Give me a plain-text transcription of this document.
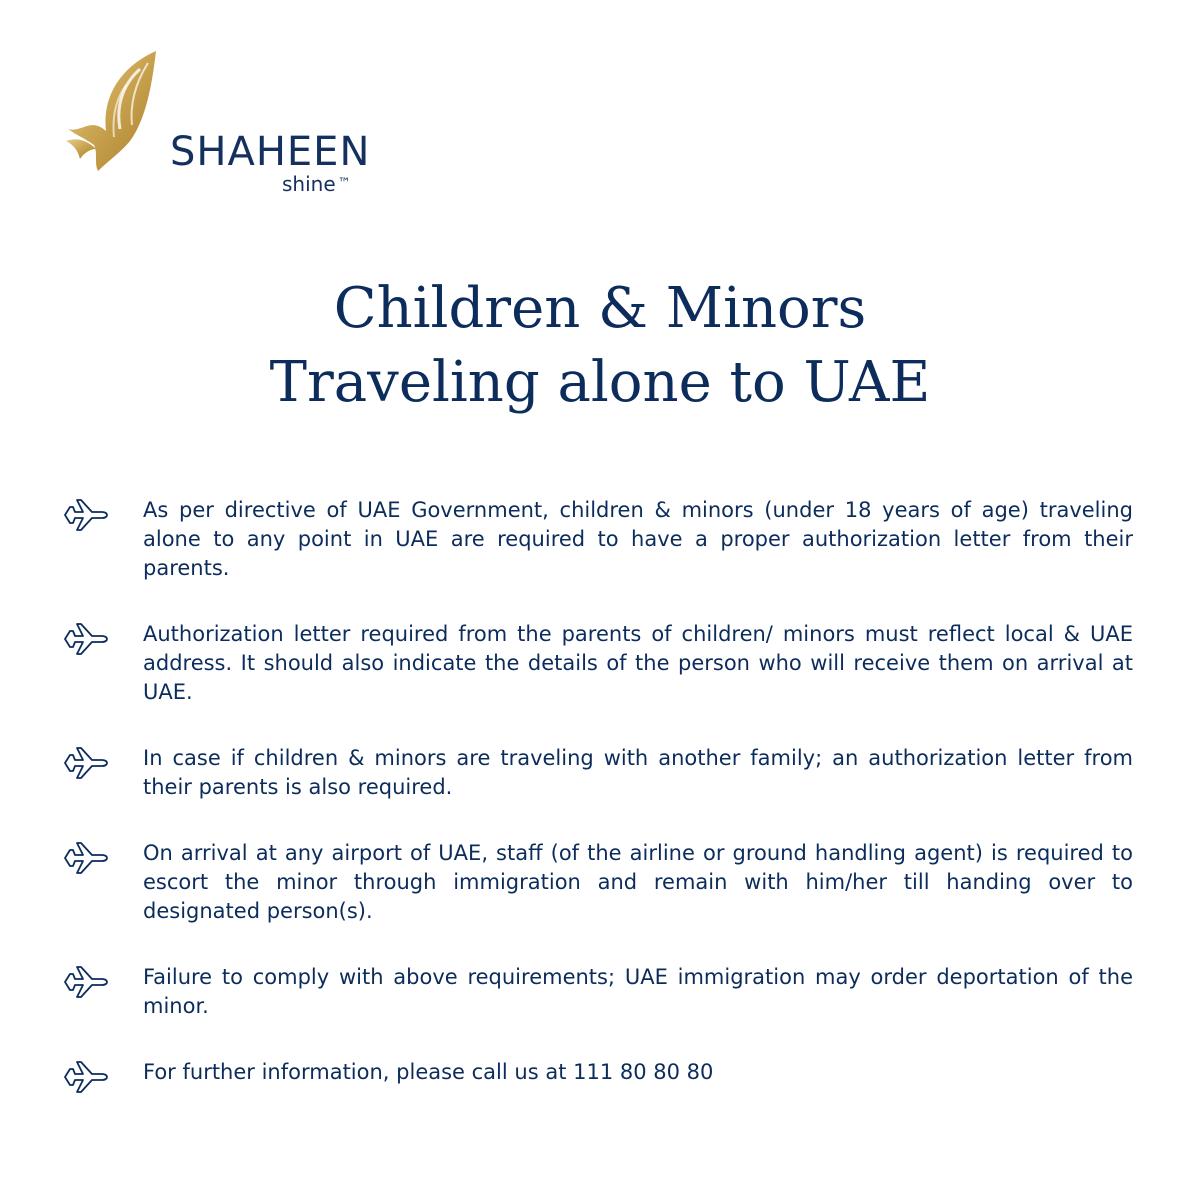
SHAHEEN
shine ™
Children & Minors
Traveling alone to UAE

As per directive of UAE Government, children & minors (under 18 years of age) traveling alone to any point in UAE are required to have a proper authorization letter from their parents.

Authorization letter required from the parents of children/ minors must reflect local & UAE address. It should also indicate the details of the person who will receive them on arrival at UAE.

In case if children & minors are traveling with another family; an authorization letter from their parents is also required.

On arrival at any airport of UAE, staff (of the airline or ground handling agent) is required to escort the minor through immigration and remain with him/her till handing over to designated person(s).

Failure to comply with above requirements; UAE immigration may order deportation of the minor.

For further information, please call us at 111 80 80 80
